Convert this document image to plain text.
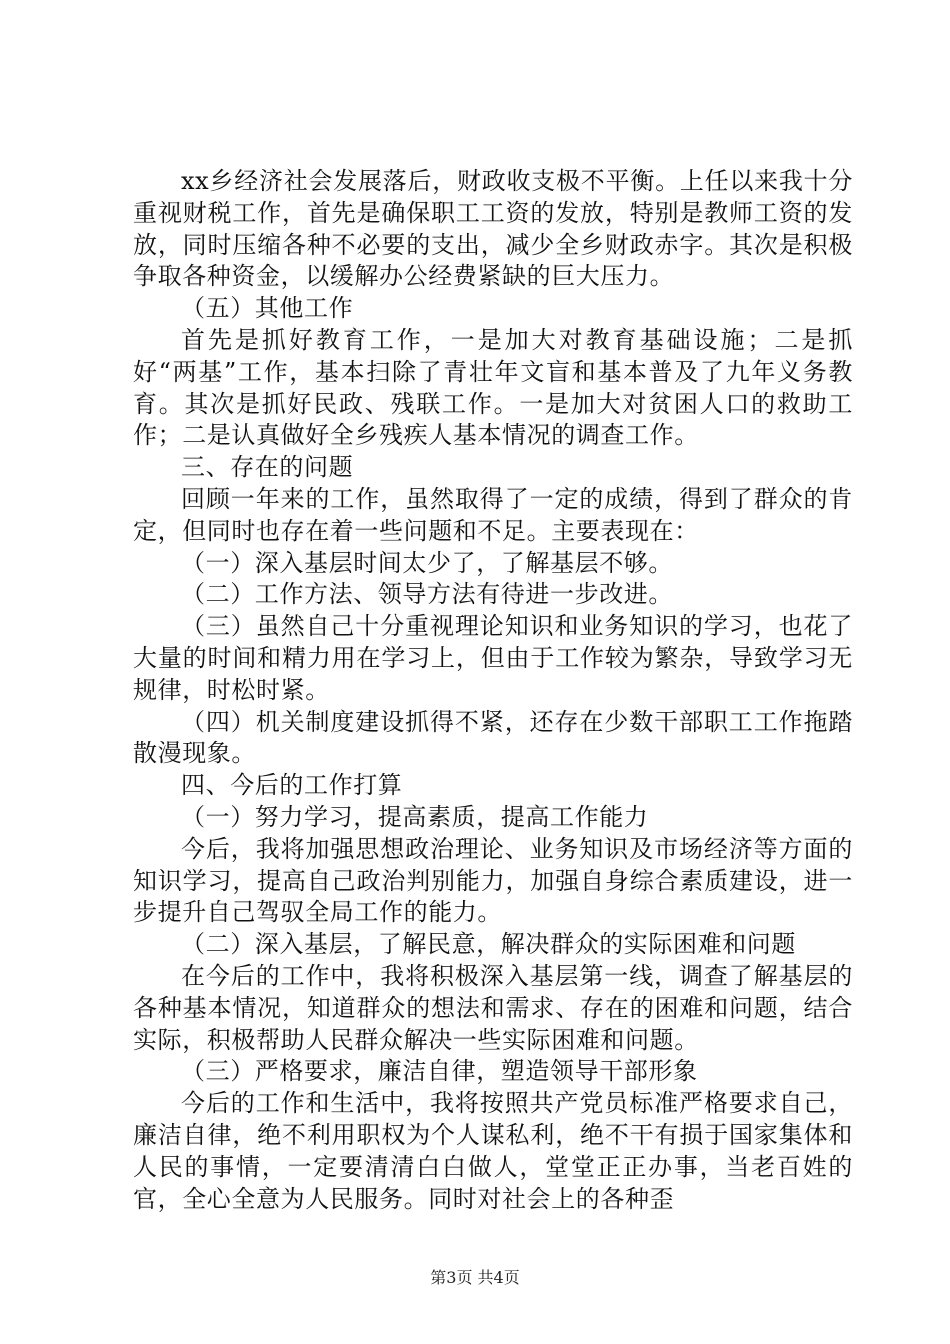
xx乡经济社会发展落后，财政收支极不平衡。上任以来我十分重视财税工作，首先是确保职工工资的发放，特别是教师工资的发放，同时压缩各种不必要的支出，减少全乡财政赤字。其次是积极争取各种资金，以缓解办公经费紧缺的巨大压力。

（五）其他工作

首先是抓好教育工作，一是加大对教育基础设施；二是抓好“两基”工作，基本扫除了青壮年文盲和基本普及了九年义务教育。其次是抓好民政、残联工作。一是加大对贫困人口的救助工作；二是认真做好全乡残疾人基本情况的调查工作。

三、存在的问题

回顾一年来的工作，虽然取得了一定的成绩，得到了群众的肯定，但同时也存在着一些问题和不足。主要表现在：

（一）深入基层时间太少了，了解基层不够。

（二）工作方法、领导方法有待进一步改进。

（三）虽然自己十分重视理论知识和业务知识的学习，也花了大量的时间和精力用在学习上，但由于工作较为繁杂，导致学习无规律，时松时紧。

（四）机关制度建设抓得不紧，还存在少数干部职工工作拖踏散漫现象。

四、今后的工作打算

（一）努力学习，提高素质，提高工作能力

今后，我将加强思想政治理论、业务知识及市场经济等方面的知识学习，提高自己政治判别能力，加强自身综合素质建设，进一步提升自己驾驭全局工作的能力。

（二）深入基层，了解民意，解决群众的实际困难和问题

在今后的工作中，我将积极深入基层第一线，调查了解基层的各种基本情况，知道群众的想法和需求、存在的困难和问题，结合实际，积极帮助人民群众解决一些实际困难和问题。

（三）严格要求，廉洁自律，塑造领导干部形象

今后的工作和生活中，我将按照共产党员标准严格要求自己，廉洁自律，绝不利用职权为个人谋私利，绝不干有损于国家集体和人民的事情，一定要清清白白做人，堂堂正正办事，当老百姓的官，全心全意为人民服务。同时对社会上的各种歪

第3页 共4页
